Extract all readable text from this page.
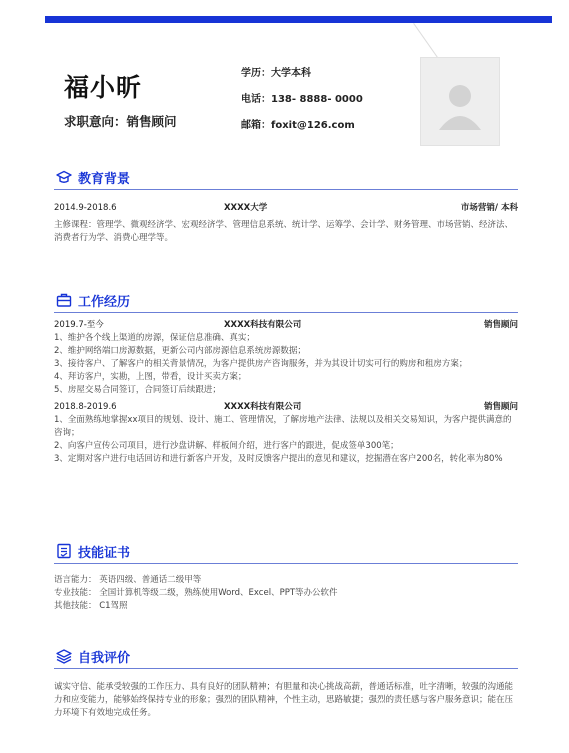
福小昕
求职意向：销售顾问
学历：大学本科
电话：138- 8888- 0000
邮箱：foxit@126.com
教育背景
2014.9-2018.6	XXXX大学	市场营销/ 本科
主修课程：管理学、微观经济学、宏观经济学、管理信息系统、统计学、运筹学、会计学、财务管理、市场营销、经济法、消费者行为学、消费心理学等。
工作经历
2019.7-至今	XXXX科技有限公司	销售顾问
1、维护各个线上渠道的房源，保证信息准确、真实；
2、维护网络端口房源数据，更新公司内部房源信息系统房源数据；
3、接待客户、了解客户的相关背景情况，为客户提供房产咨询服务，并为其设计切实可行的购房和租房方案；
4、拜访客户，实勘，上图，带看，设计买卖方案；
5、房屋交易合同签订，合同签订后续跟进；
2018.8-2019.6	XXXX科技有限公司	销售顾问
1、全面熟练地掌握xx项目的规划、设计、施工、管理情况，了解房地产法律、法规以及相关交易知识，为客户提供满意的咨询；
2、向客户宣传公司项目，进行沙盘讲解、样板间介绍，进行客户的跟进，促成签单300笔；
3、定期对客户进行电话回访和进行新客户开发，及时反馈客户提出的意见和建议，挖掘潜在客户200名，转化率为80%
技能证书
语言能力： 英语四级、普通话二级甲等
专业技能： 全国计算机等级二级，熟练使用Word、Excel、PPT等办公软件
其他技能： C1驾照
自我评价
诚实守信、能承受较强的工作压力、具有良好的团队精神；有胆量和决心挑战高薪，普通话标准，吐字清晰，较强的沟通能力和应变能力，能够始终保持专业的形象；强烈的团队精神，个性主动，思路敏捷；强烈的责任感与客户服务意识；能在压力环境下有效地完成任务。
